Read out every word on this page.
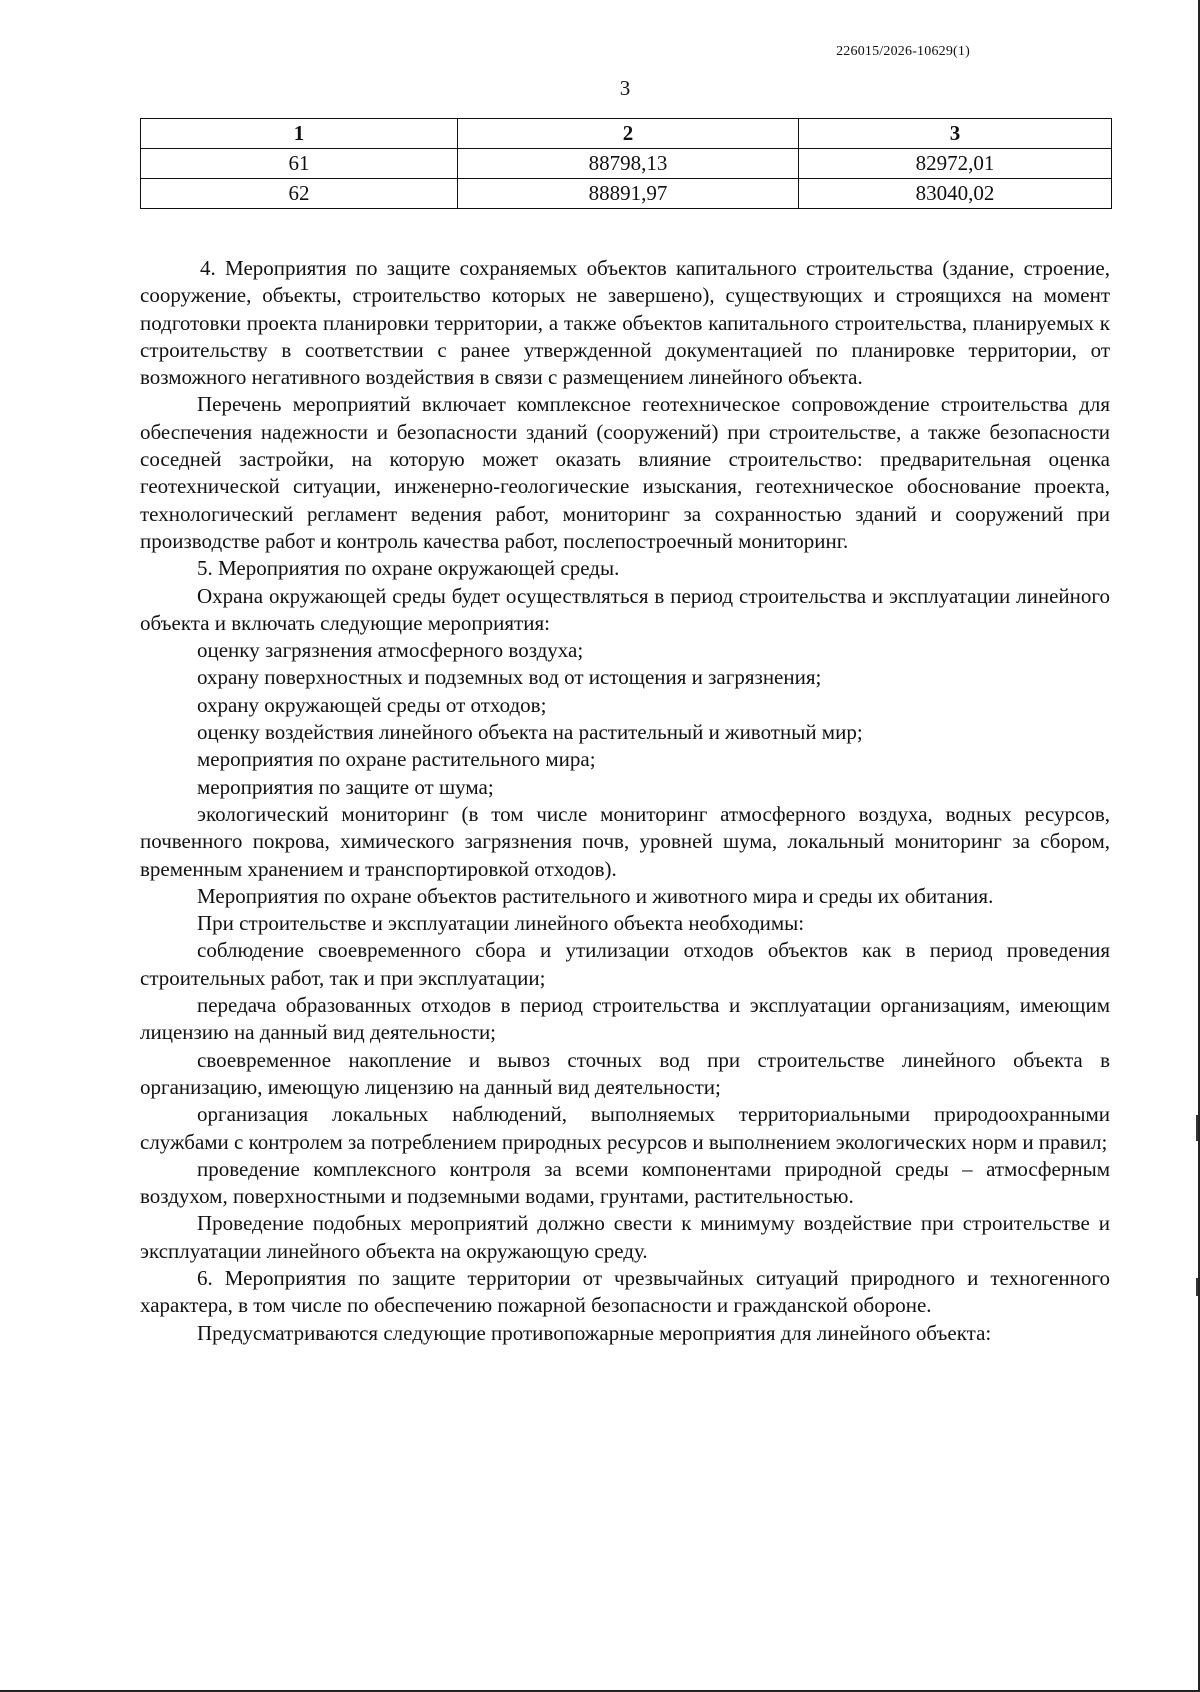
226015/2026-10629(1)
3
1	2	3
61	88798,13	82972,01
62	88891,97	83040,02

4. Мероприятия по защите сохраняемых объектов капитального строительства (здание, строение, сооружение, объекты, строительство которых не завершено), существующих и строящихся на момент подготовки проекта планировки территории, а также объектов капитального строительства, планируемых к строительству в соответствии с ранее утвержденной документацией по планировке территории, от возможного негативного воздействия в связи с размещением линейного объекта.

Перечень мероприятий включает комплексное геотехническое сопровождение строительства для обеспечения надежности и безопасности зданий (сооружений) при строительстве, а также безопасности соседней застройки, на которую может оказать влияние строительство: предварительная оценка геотехнической ситуации, инженерно-геологические изыскания, геотехническое обоснование проекта, технологический регламент ведения работ, мониторинг за сохранностью зданий и сооружений при производстве работ и контроль качества работ, послепостроечный мониторинг.

5. Мероприятия по охране окружающей среды.

Охрана окружающей среды будет осуществляться в период строительства и эксплуатации линейного объекта и включать следующие мероприятия:

оценку загрязнения атмосферного воздуха;

охрану поверхностных и подземных вод от истощения и загрязнения;

охрану окружающей среды от отходов;

оценку воздействия линейного объекта на растительный и животный мир;

мероприятия по охране растительного мира;

мероприятия по защите от шума;

экологический мониторинг (в том числе мониторинг атмосферного воздуха, водных ресурсов, почвенного покрова, химического загрязнения почв, уровней шума, локальный мониторинг за сбором, временным хранением и транспортировкой отходов).

Мероприятия по охране объектов растительного и животного мира и среды их обитания.

При строительстве и эксплуатации линейного объекта необходимы:

соблюдение своевременного сбора и утилизации отходов объектов как в период проведения строительных работ, так и при эксплуатации;

передача образованных отходов в период строительства и эксплуатации организациям, имеющим лицензию на данный вид деятельности;

своевременное накопление и вывоз сточных вод при строительстве линейного объекта в организацию, имеющую лицензию на данный вид деятельности;

организация локальных наблюдений, выполняемых территориальными природоохранными службами с контролем за потреблением природных ресурсов и выполнением экологических норм и правил;

проведение комплексного контроля за всеми компонентами природной среды – атмосферным воздухом, поверхностными и подземными водами, грунтами, растительностью.

Проведение подобных мероприятий должно свести к минимуму воздействие при строительстве и эксплуатации линейного объекта на окружающую среду.

6. Мероприятия по защите территории от чрезвычайных ситуаций природного и техногенного характера, в том числе по обеспечению пожарной безопасности и гражданской обороне.

Предусматриваются следующие противопожарные мероприятия для линейного объекта:
